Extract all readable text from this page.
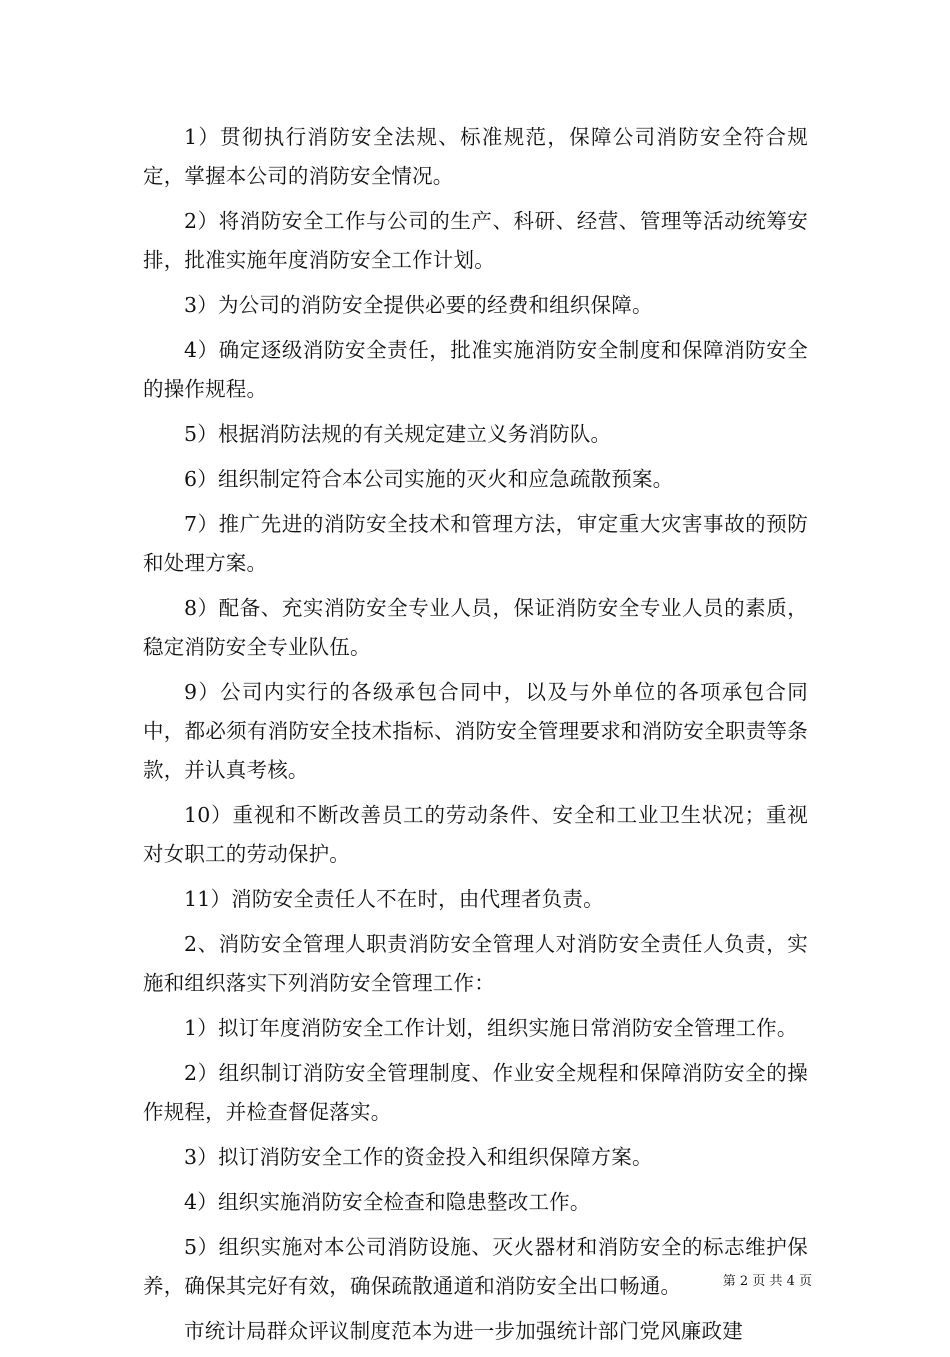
1）贯彻执行消防安全法规、标准规范，保障公司消防安全符合规定，掌握本公司的消防安全情况。

2）将消防安全工作与公司的生产、科研、经营、管理等活动统筹安排，批准实施年度消防安全工作计划。

3）为公司的消防安全提供必要的经费和组织保障。

4）确定逐级消防安全责任，批准实施消防安全制度和保障消防安全的操作规程。

5）根据消防法规的有关规定建立义务消防队。

6）组织制定符合本公司实施的灭火和应急疏散预案。

7）推广先进的消防安全技术和管理方法，审定重大灾害事故的预防和处理方案。

8）配备、充实消防安全专业人员，保证消防安全专业人员的素质，稳定消防安全专业队伍。

9）公司内实行的各级承包合同中，以及与外单位的各项承包合同中，都必须有消防安全技术指标、消防安全管理要求和消防安全职责等条款，并认真考核。

10）重视和不断改善员工的劳动条件、安全和工业卫生状况；重视对女职工的劳动保护。

11）消防安全责任人不在时，由代理者负责。

2、消防安全管理人职责消防安全管理人对消防安全责任人负责，实施和组织落实下列消防安全管理工作：

1）拟订年度消防安全工作计划，组织实施日常消防安全管理工作。

2）组织制订消防安全管理制度、作业安全规程和保障消防安全的操作规程，并检查督促落实。

3）拟订消防安全工作的资金投入和组织保障方案。

4）组织实施消防安全检查和隐患整改工作。

5）组织实施对本公司消防设施、灭火器材和消防安全的标志维护保养，确保其完好有效，确保疏散通道和消防安全出口畅通。

市统计局群众评议制度范本为进一步加强统计部门党风廉政建

第 2 页 共 4 页
